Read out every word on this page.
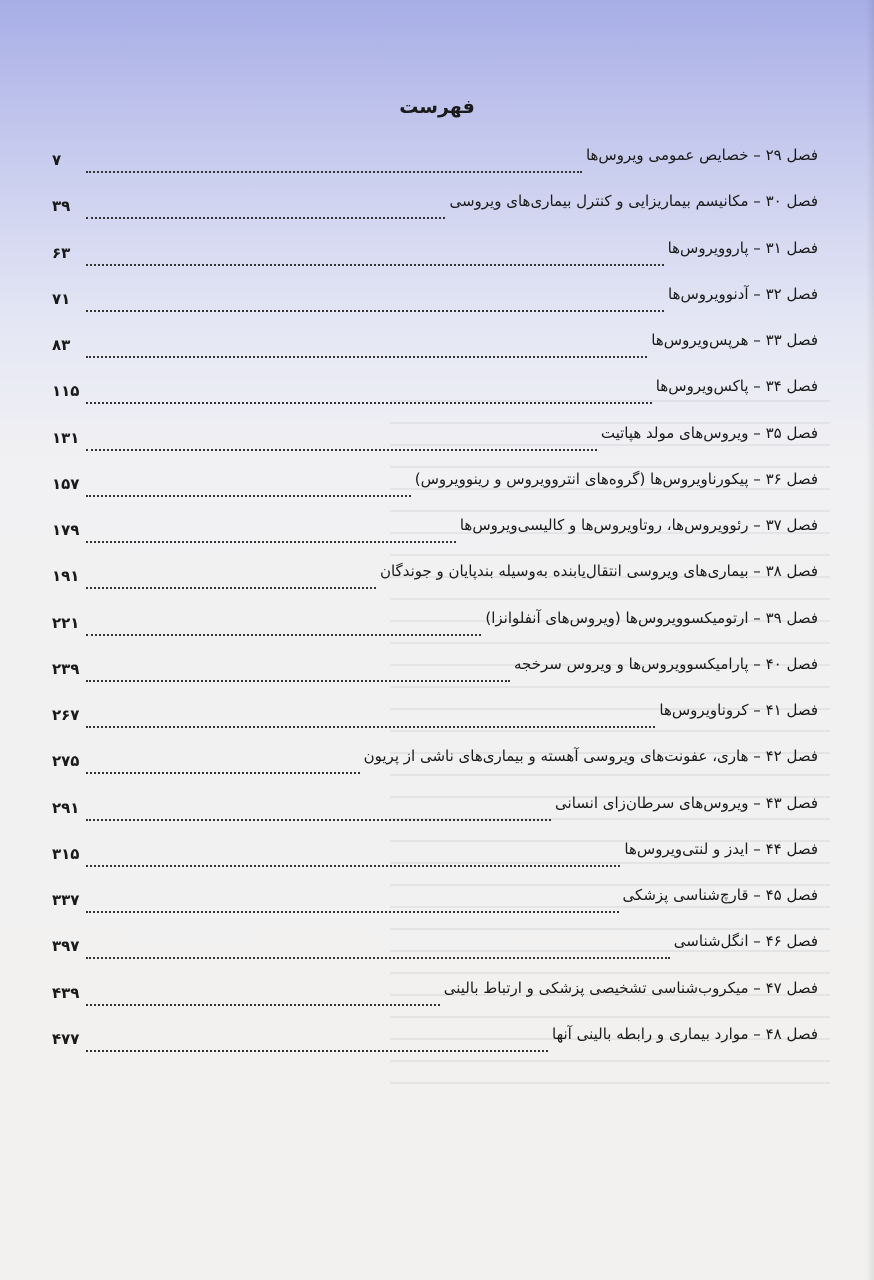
فهرست
۷	فصل ۲۹ – خصایص عمومی ویروس‌ها
۳۹	فصل ۳۰ – مکانیسم بیماریزایی و کنترل بیماری‌های ویروسی
۶۳	فصل ۳۱ – پاروویروس‌ها
۷۱	فصل ۳۲ – آدنوویروس‌ها
۸۳	فصل ۳۳ – هرپس‌ویروس‌ها
۱۱۵	فصل ۳۴ – پاکس‌ویروس‌ها
۱۳۱	فصل ۳۵ – ویروس‌های مولد هپاتیت
۱۵۷	فصل ۳۶ – پیکورناویروس‌ها (گروه‌های انتروویروس و رینوویروس)
۱۷۹	فصل ۳۷ – رئوویروس‌ها، روتاویروس‌ها و کالیسی‌ویروس‌ها
۱۹۱	فصل ۳۸ – بیماری‌های ویروسی انتقال‌یابنده به‌وسیله بندپایان و جوندگان
۲۲۱	فصل ۳۹ – ارتومیکسوویروس‌ها (ویروس‌های آنفلوانزا)
۲۳۹	فصل ۴۰ – پارامیکسوویروس‌ها و ویروس سرخجه
۲۶۷	فصل ۴۱ – کروناویروس‌ها
۲۷۵	فصل ۴۲ – هاری، عفونت‌های ویروسی آهسته و بیماری‌های ناشی از پریون
۲۹۱	فصل ۴۳ – ویروس‌های سرطان‌زای انسانی
۳۱۵	فصل ۴۴ – ایدز و لنتی‌ویروس‌ها
۳۳۷	فصل ۴۵ – قارچ‌شناسی پزشکی
۳۹۷	فصل ۴۶ – انگل‌شناسی
۴۳۹	فصل ۴۷ – میکروب‌شناسی تشخیصی پزشکی و ارتباط بالینی
۴۷۷	فصل ۴۸ – موارد بیماری و رابطه بالینی آنها
